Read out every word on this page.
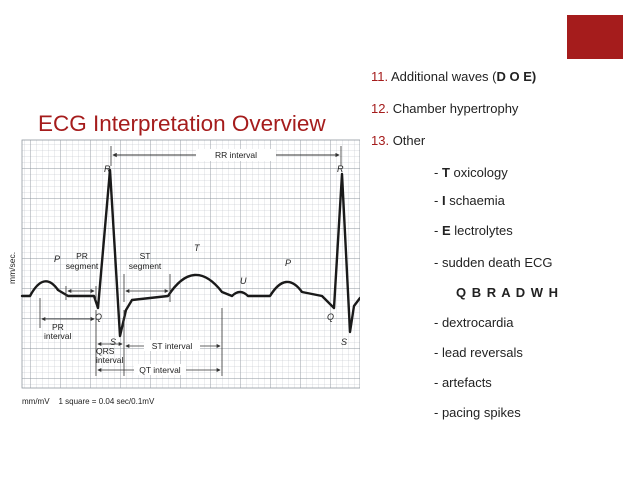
ECG Interpretation Overview
R	R
P
T
U
P
Q	Q
S	S
RR interval
PR
segment
ST
segment
PR
interval
QRS
interval
ST interval
QT interval
mm/sec.
mm/mV    1 square = 0.04 sec/0.1mV
11. Additional waves (D O E)
12. Chamber hypertrophy
13. Other
- T oxicology
- I schaemia
- E lectrolytes
- sudden death ECG
Q B R A D W H
- dextrocardia
- lead reversals
- artefacts
- pacing spikes
